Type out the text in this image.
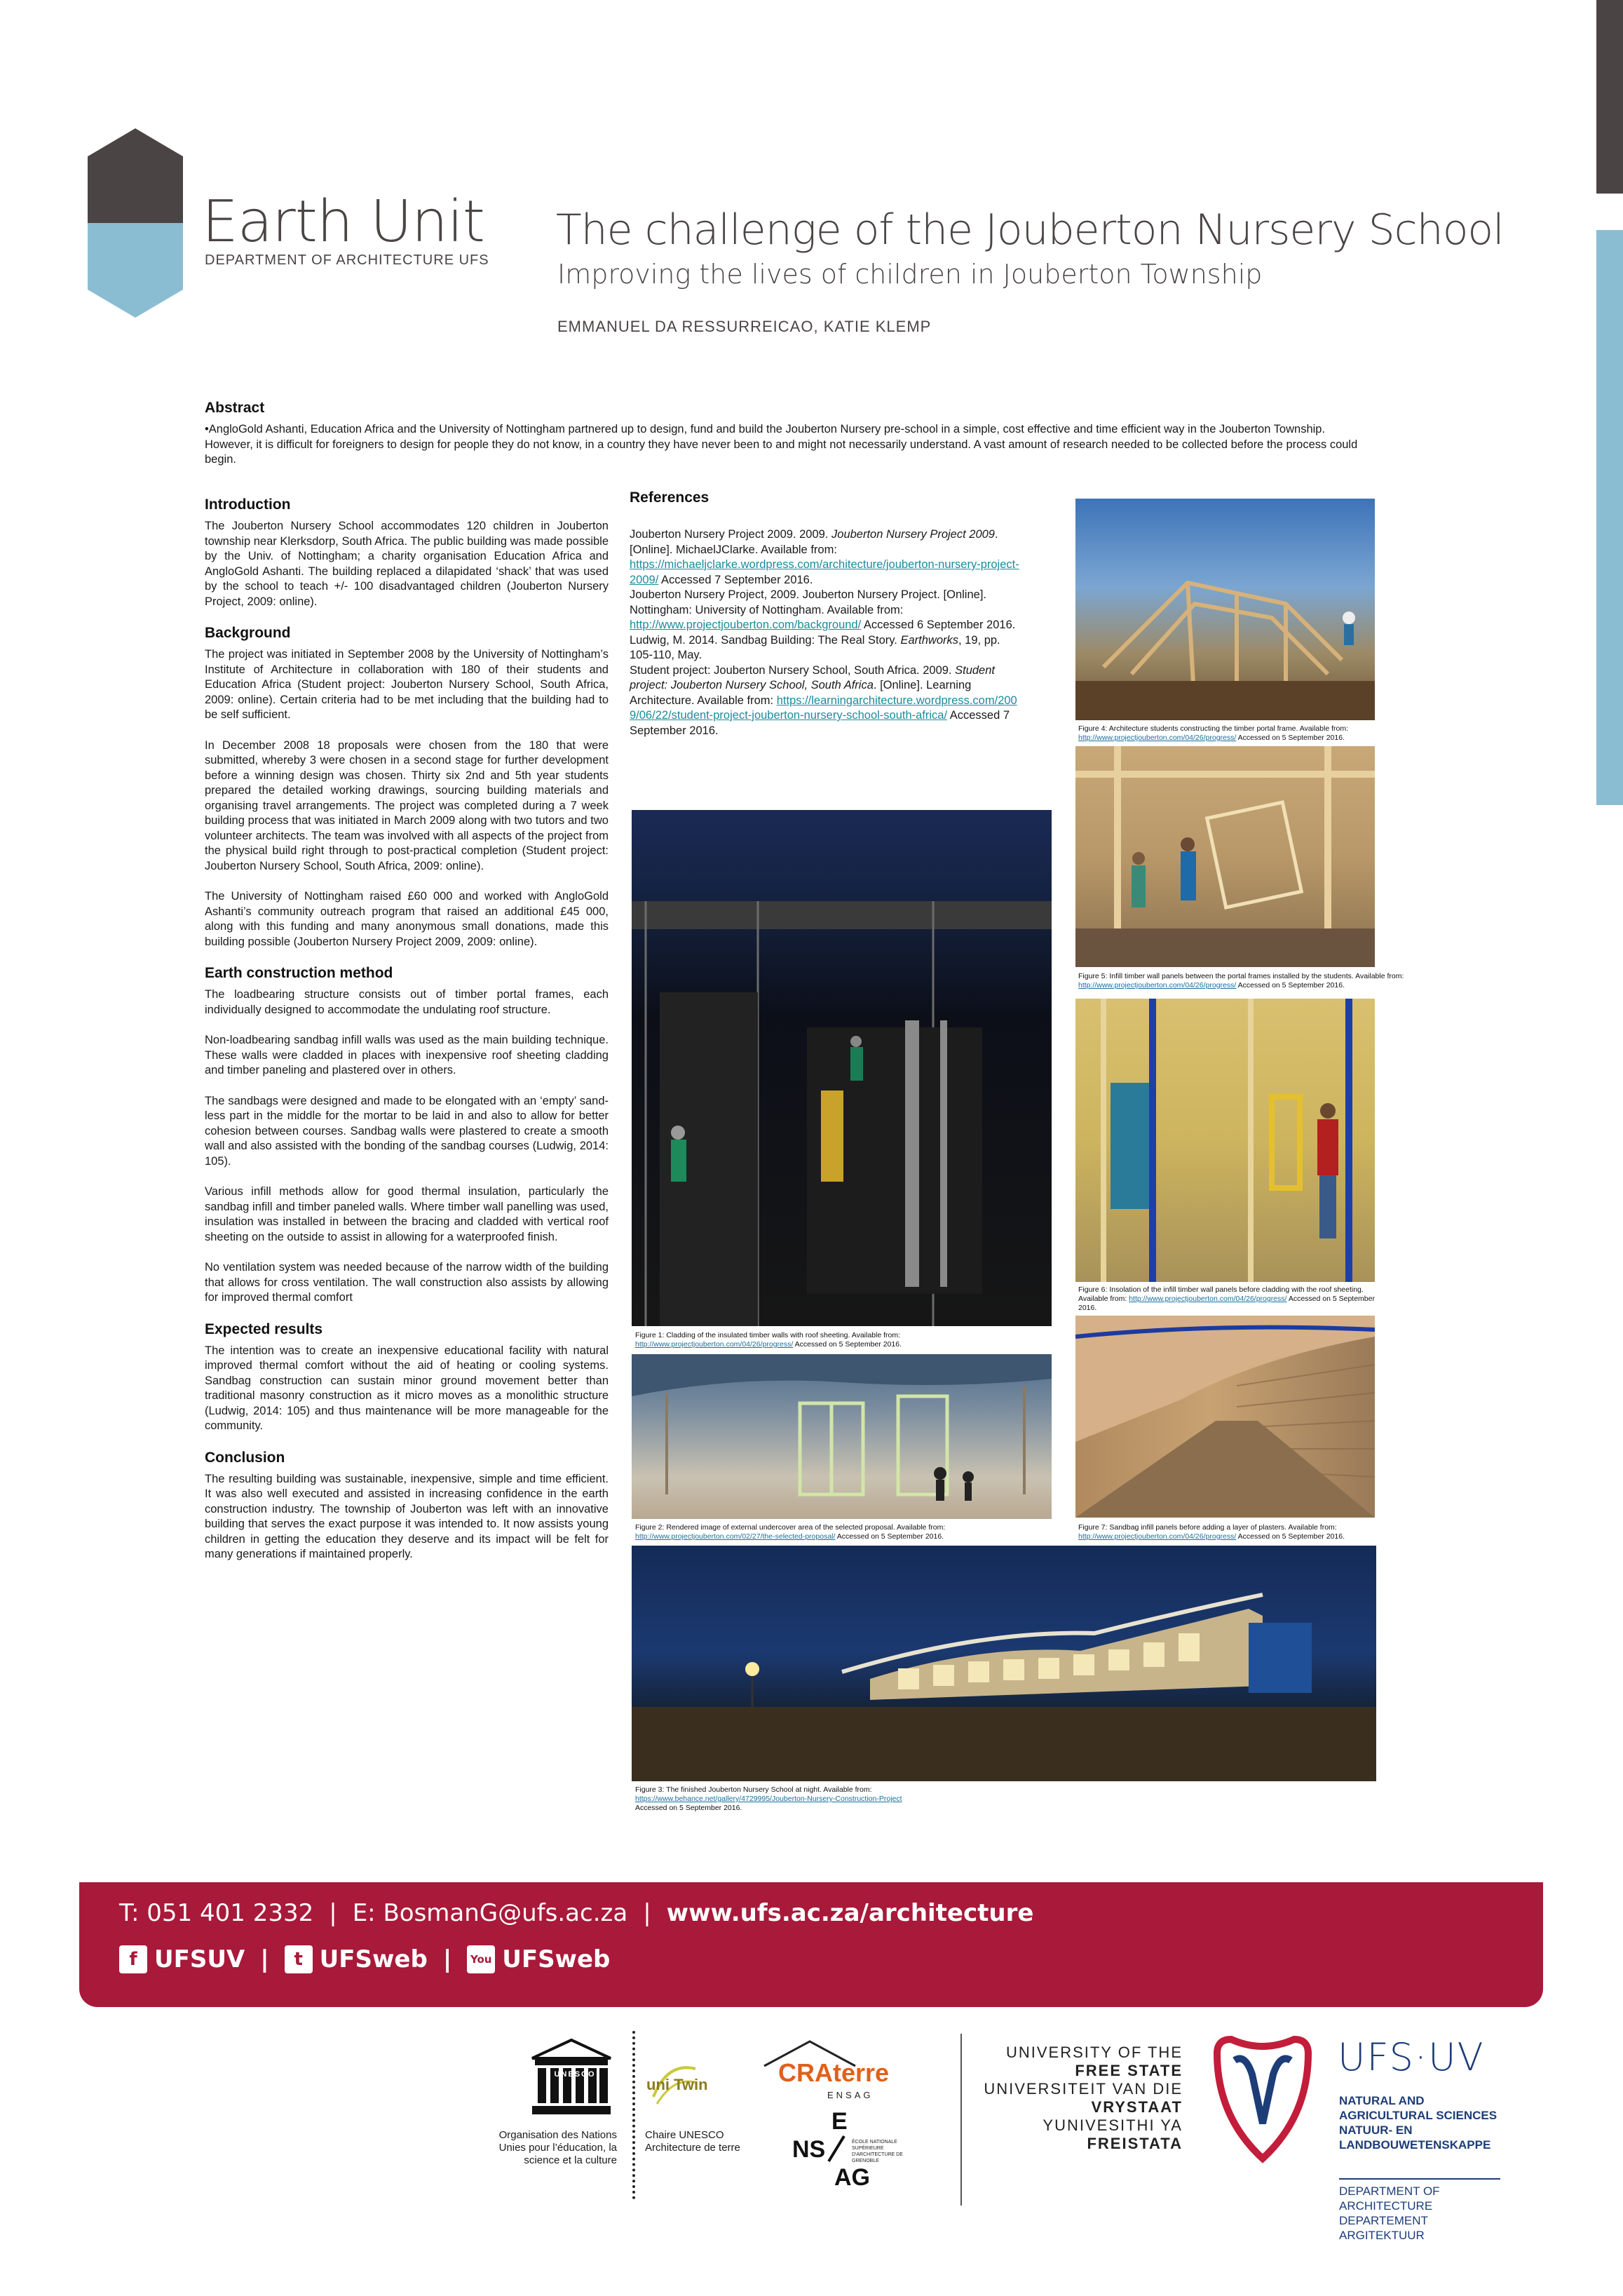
Earth Unit
DEPARTMENT OF ARCHITECTURE UFS
The challenge of the Jouberton Nursery School
Improving the lives of children in Jouberton Township
EMMANUEL DA RESSURREICAO, KATIE KLEMP
Abstract

•AngloGold Ashanti, Education Africa and the University of Nottingham partnered up to design, fund and build the Jouberton Nursery pre-school in a simple, cost effective and time efficient way in the Jouberton Township. However, it is difficult for foreigners to design for people they do not know, in a country they have never been to and might not necessarily understand. A vast amount of research needed to be collected before the process could begin.

Introduction

The Jouberton Nursery School accommodates 120 children in Jouberton township near Klerksdorp, South Africa. The public building was made possible by the Univ. of Nottingham; a charity organisation Education Africa and AngloGold Ashanti. The building replaced a dilapidated ‘shack’ that was used by the school to teach +/- 100 disadvantaged children (Jouberton Nursery Project, 2009: online).

Background

The project was initiated in September 2008 by the University of Nottingham’s Institute of Architecture in collaboration with 180 of their students and Education Africa (Student project: Jouberton Nursery School, South Africa, 2009: online). Certain criteria had to be met including that the building had to be self sufficient.

In December 2008 18 proposals were chosen from the 180 that were submitted, whereby 3 were chosen in a second stage for further development before a winning design was chosen. Thirty six 2nd and 5th year students prepared the detailed working drawings, sourcing building materials and organising travel arrangements. The project was completed during a 7 week building process that was initiated in March 2009 along with two tutors and two volunteer architects. The team was involved with all aspects of the project from the physical build right through to post-practical completion (Student project: Jouberton Nursery School, South Africa, 2009: online).

The University of Nottingham raised £60 000 and worked with AngloGold Ashanti’s community outreach program that raised an additional £45 000, along with this funding and many anonymous small donations, made this building possible (Jouberton Nursery Project 2009, 2009: online).

Earth construction method

The loadbearing structure consists out of timber portal frames, each individually designed to accommodate the undulating roof structure.

Non-loadbearing sandbag infill walls was used as the main building technique. These walls were cladded in places with inexpensive roof sheeting cladding and timber paneling and plastered over in others.

The sandbags were designed and made to be elongated with an ‘empty’ sand-less part in the middle for the mortar to be laid in and also to allow for better cohesion between courses. Sandbag walls were plastered to create a smooth wall and also assisted with the bonding of the sandbag courses (Ludwig, 2014: 105).

Various infill methods allow for good thermal insulation, particularly the sandbag infill and timber paneled walls. Where timber wall panelling was used, insulation was installed in between the bracing and cladded with vertical roof sheeting on the outside to assist in allowing for a waterproofed finish.

No ventilation system was needed because of the narrow width of the building that allows for cross ventilation. The wall construction also assists by allowing for improved thermal comfort

Expected results

The intention was to create an inexpensive educational facility with natural improved thermal comfort without the aid of heating or cooling systems. Sandbag construction can sustain minor ground movement better than traditional masonry construction as it micro moves as a monolithic structure (Ludwig, 2014: 105) and thus maintenance will be more manageable for the community.

Conclusion

The resulting building was sustainable, inexpensive, simple and time efficient. It was also well executed and assisted in increasing confidence in the earth construction industry. The township of Jouberton was left with an innovative building that serves the exact purpose it was intended to. It now assists young children in getting the education they deserve and its impact will be felt for many generations if maintained properly.

References

Jouberton Nursery Project 2009. 2009. Jouberton Nursery Project 2009. [Online]. MichaelJClarke. Available from: https://michaeljclarke.wordpress.com/architecture/jouberton-nursery-project-2009/ Accessed 7 September 2016.

Jouberton Nursery Project, 2009. Jouberton Nursery Project. [Online]. Nottingham: University of Nottingham. Available from: http://www.projectjouberton.com/background/ Accessed 6 September 2016.

Ludwig, M. 2014. Sandbag Building: The Real Story. Earthworks, 19, pp. 105-110, May.

Student project: Jouberton Nursery School, South Africa. 2009. Student project: Jouberton Nursery School, South Africa. [Online]. Learning Architecture. Available from: https://learningarchitecture.wordpress.com/2009/06/22/student-project-jouberton-nursery-school-south-africa/ Accessed 7 September 2016.

Figure 1: Cladding of the insulated timber walls with roof sheeting. Available from:
http://www.projectjouberton.com/04/26/progress/ Accessed on 5 September 2016.
Figure 2: Rendered image of external undercover area of the selected proposal. Available from:
http://www.projectjouberton.com/02/27/the-selected-proposal/ Accessed on 5 September 2016.
Figure 3: The finished Jouberton Nursery School at night. Available from:
https://www.behance.net/gallery/4729995/Jouberton-Nursery-Construction-Project
Accessed on 5 September 2016.
Figure 4: Architecture students constructing the timber portal frame. Available from:
http://www.projectjouberton.com/04/26/progress/ Accessed on 5 September 2016.
Figure 5: Infill timber wall panels between the portal frames installed by the students. Available from:
http://www.projectjouberton.com/04/26/progress/ Accessed on 5 September 2016.
Figure 6: Insolation of the infill timber wall panels before cladding with the roof sheeting. Available from: http://www.projectjouberton.com/04/26/progress/ Accessed on 5 September 2016.
Figure 7: Sandbag infill panels before adding a layer of plasters. Available from:
http://www.projectjouberton.com/04/26/progress/ Accessed on 5 September 2016.
T: 051 401 2332 | E: BosmanG@ufs.ac.za | www.ufs.ac.za/architecture
f UFSUV |	t UFSweb |	You UFSweb
UNESCO
Organisation des Nations Unies pour l’éducation, la science et la culture
uni Twin
Chaire UNESCO Architecture de terre
CRAterre
ENSAG
E
NS
AG
ÉCOLE NATIONALE SUPÉRIEURE D'ARCHITECTURE DE GRENOBLE
UNIVERSITY OF THE
FREE STATE
UNIVERSITEIT VAN DIE
VRYSTAAT
YUNIVESITHI YA
FREISTATA
UFS·UV
NATURAL AND
AGRICULTURAL SCIENCES
NATUUR- EN
LANDBOUWETENSKAPPE
DEPARTMENT OF ARCHITECTURE
DEPARTEMENT ARGITEKTUUR
